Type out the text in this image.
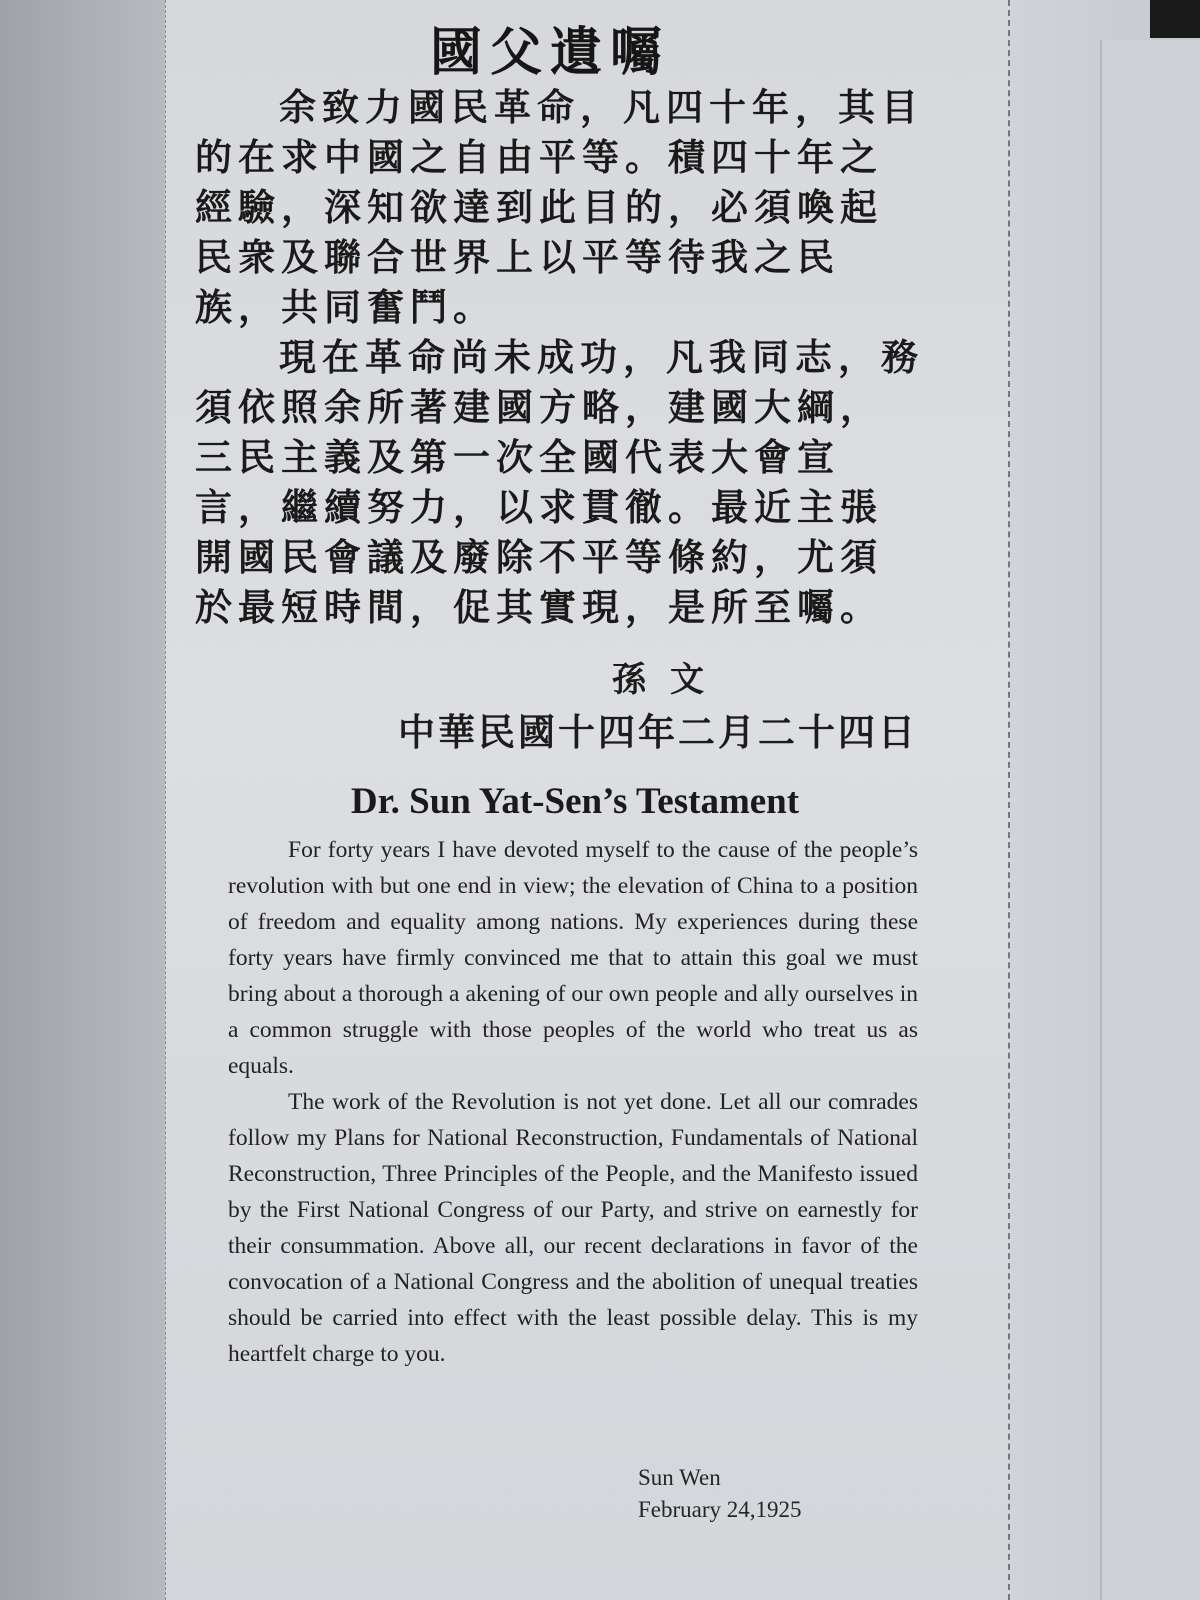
國父遺囑

余致力國民革命，凡四十年，其目的在求中國之自由平等。積四十年之經驗，深知欲達到此目的，必須喚起民衆及聯合世界上以平等待我之民族，共同奮鬥。

現在革命尚未成功，凡我同志，務須依照余所著建國方略，建國大綱，三民主義及第一次全國代表大會宣言，繼續努力，以求貫徹。最近主張開國民會議及廢除不平等條約，尤須於最短時間，促其實現，是所至囑。

孫文
中華民國十四年二月二十四日
Dr. Sun Yat-Sen’s Testament

For forty years I have devoted myself to the cause of the people’s revolution with but one end in view; the elevation of China to a position of freedom and equality among nations. My experiences during these forty years have firmly convinced me that to attain this goal we must bring about a thorough a akening of our own people and ally ourselves in a common struggle with those peoples of the world who treat us as equals.

The work of the Revolution is not yet done. Let all our comrades follow my Plans for National Reconstruction, Fundamentals of National Reconstruction, Three Principles of the People, and the Manifesto issued by the First National Congress of our Party, and strive on earnestly for their consummation. Above all, our recent declarations in favor of the convocation of a National Congress and the abolition of unequal treaties should be carried into effect with the least possible delay. This is my heartfelt charge to you.

Sun Wen
February 24,1925
